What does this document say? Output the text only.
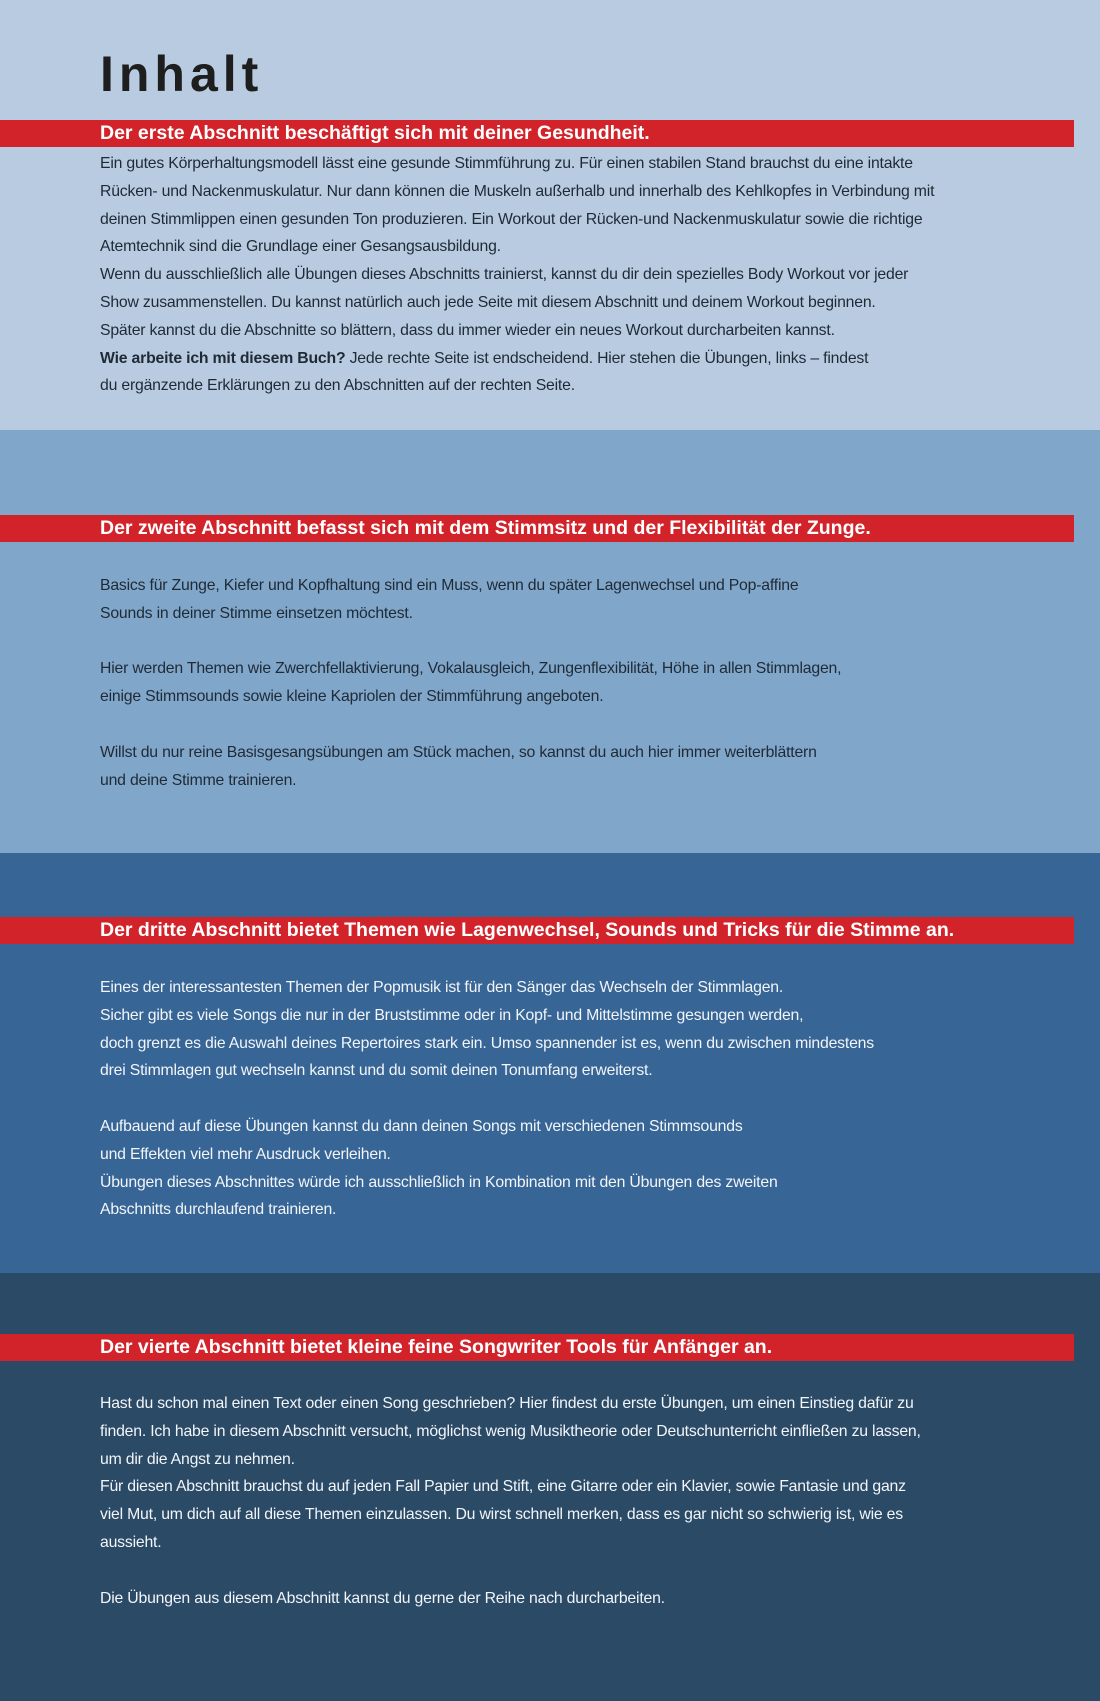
Inhalt
Der erste Abschnitt beschäftigt sich mit deiner Gesundheit.

Ein gutes Körperhaltungsmodell lässt eine gesunde Stimmführung zu. Für einen stabilen Stand brauchst du eine intakte

Rücken- und Nackenmuskulatur. Nur dann können die Muskeln außerhalb und innerhalb des Kehlkopfes in Verbindung mit

deinen Stimmlippen einen gesunden Ton produzieren. Ein Workout der Rücken-und Nackenmuskulatur sowie die richtige

Atemtechnik sind die Grundlage einer Gesangsausbildung.

Wenn du ausschließlich alle Übungen dieses Abschnitts trainierst, kannst du dir dein spezielles Body Workout vor jeder

Show zusammenstellen. Du kannst natürlich auch jede Seite mit diesem Abschnitt und deinem Workout beginnen.

Später kannst du die Abschnitte so blättern, dass du immer wieder ein neues Workout durcharbeiten kannst.

Wie arbeite ich mit diesem Buch? Jede rechte Seite ist endscheidend. Hier stehen die Übungen, links – findest

du ergänzende Erklärungen zu den Abschnitten auf der rechten Seite.

Der zweite Abschnitt befasst sich mit dem Stimmsitz und der Flexibilität der Zunge.

Basics für Zunge, Kiefer und Kopfhaltung sind ein Muss, wenn du später Lagenwechsel und Pop-affine

Sounds in deiner Stimme einsetzen möchtest.

Hier werden Themen wie Zwerchfellaktivierung, Vokalausgleich, Zungenflexibilität, Höhe in allen Stimmlagen,

einige Stimmsounds sowie kleine Kapriolen der Stimmführung angeboten.

Willst du nur reine Basisgesangsübungen am Stück machen, so kannst du auch hier immer weiterblättern

und deine Stimme trainieren.

Der dritte Abschnitt bietet Themen wie Lagenwechsel, Sounds und Tricks für die Stimme an.

Eines der interessantesten Themen der Popmusik ist für den Sänger das Wechseln der Stimmlagen.

Sicher gibt es viele Songs die nur in der Bruststimme oder in Kopf- und Mittelstimme gesungen werden,

doch grenzt es die Auswahl deines Repertoires stark ein. Umso spannender ist es, wenn du zwischen mindestens

drei Stimmlagen gut wechseln kannst und du somit deinen Tonumfang erweiterst.

Aufbauend auf diese Übungen kannst du dann deinen Songs mit verschiedenen Stimmsounds

und Effekten viel mehr Ausdruck verleihen.

Übungen dieses Abschnittes würde ich ausschließlich in Kombination mit den Übungen des zweiten

Abschnitts durchlaufend trainieren.

Der vierte Abschnitt bietet kleine feine Songwriter Tools für Anfänger an.

Hast du schon mal einen Text oder einen Song geschrieben? Hier findest du erste Übungen, um einen Einstieg dafür zu

finden. Ich habe in diesem Abschnitt versucht, möglichst wenig Musiktheorie oder Deutschunterricht einfließen zu lassen,

um dir die Angst zu nehmen.

Für diesen Abschnitt brauchst du auf jeden Fall Papier und Stift, eine Gitarre oder ein Klavier, sowie Fantasie und ganz

viel Mut, um dich auf all diese Themen einzulassen. Du wirst schnell merken, dass es gar nicht so schwierig ist, wie es

aussieht.

Die Übungen aus diesem Abschnitt kannst du gerne der Reihe nach durcharbeiten.
